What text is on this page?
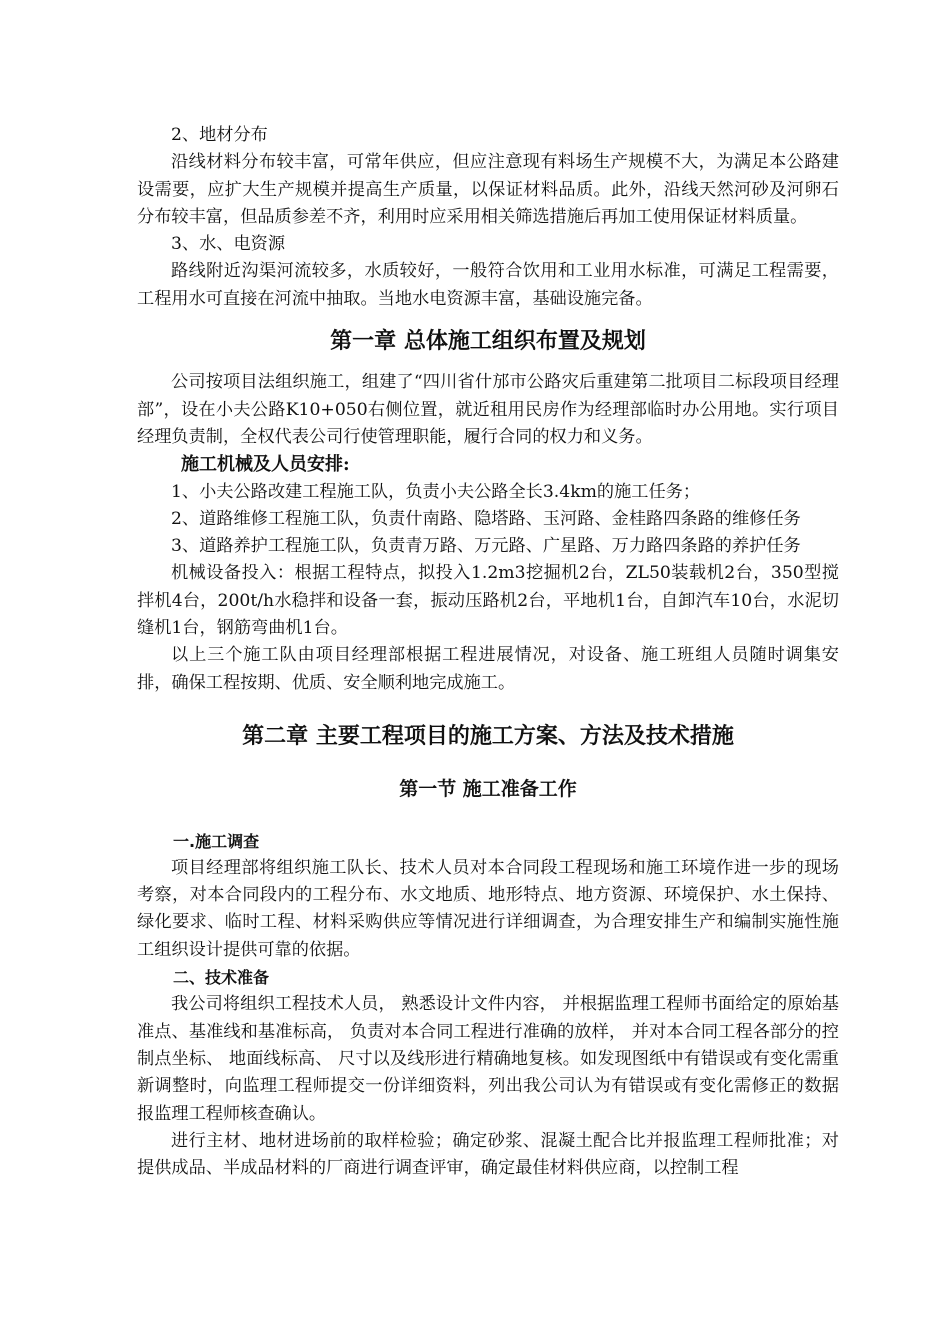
2、地材分布

沿线材料分布较丰富，可常年供应，但应注意现有料场生产规模不大，为满足本公路建设需要，应扩大生产规模并提高生产质量，以保证材料品质。此外，沿线天然河砂及河卵石分布较丰富，但品质参差不齐，利用时应采用相关筛选措施后再加工使用保证材料质量。

3、水、电资源

路线附近沟渠河流较多，水质较好，一般符合饮用和工业用水标准，可满足工程需要，工程用水可直接在河流中抽取。当地水电资源丰富，基础设施完备。

第一章 总体施工组织布置及规划

公司按项目法组织施工，组建了“四川省什邡市公路灾后重建第二批项目二标段项目经理部”，设在小夫公路K10+050右侧位置，就近租用民房作为经理部临时办公用地。实行项目经理负责制，全权代表公司行使管理职能，履行合同的权力和义务。

施工机械及人员安排:

1、小夫公路改建工程施工队，负责小夫公路全长3.4km的施工任务；

2、道路维修工程施工队，负责什南路、隐塔路、玉河路、金桂路四条路的维修任务

3、道路养护工程施工队，负责青万路、万元路、广星路、万力路四条路的养护任务

机械设备投入：根据工程特点，拟投入1.2m3挖掘机2台，ZL50装载机2台，350型搅拌机4台，200t/h水稳拌和设备一套，振动压路机2台，平地机1台，自卸汽车10台，水泥切缝机1台，钢筋弯曲机1台。

以上三个施工队由项目经理部根据工程进展情况，对设备、施工班组人员随时调集安排，确保工程按期、优质、安全顺利地完成施工。

第二章 主要工程项目的施工方案、方法及技术措施

第一节 施工准备工作

一.施工调查

项目经理部将组织施工队长、技术人员对本合同段工程现场和施工环境作进一步的现场考察，对本合同段内的工程分布、水文地质、地形特点、地方资源、环境保护、水土保持、绿化要求、临时工程、材料采购供应等情况进行详细调查，为合理安排生产和编制实施性施工组织设计提供可靠的依据。

二、技术准备

我公司将组织工程技术人员， 熟悉设计文件内容， 并根据监理工程师书面给定的原始基准点、基准线和基准标高， 负责对本合同工程进行准确的放样， 并对本合同工程各部分的控制点坐标、 地面线标高、 尺寸以及线形进行精确地复核。如发现图纸中有错误或有变化需重新调整时，向监理工程师提交一份详细资料，列出我公司认为有错误或有变化需修正的数据报监理工程师核查确认。

进行主材、地材进场前的取样检验；确定砂浆、混凝土配合比并报监理工程师批准；对提供成品、半成品材料的厂商进行调查评审，确定最佳材料供应商，以控制工程
